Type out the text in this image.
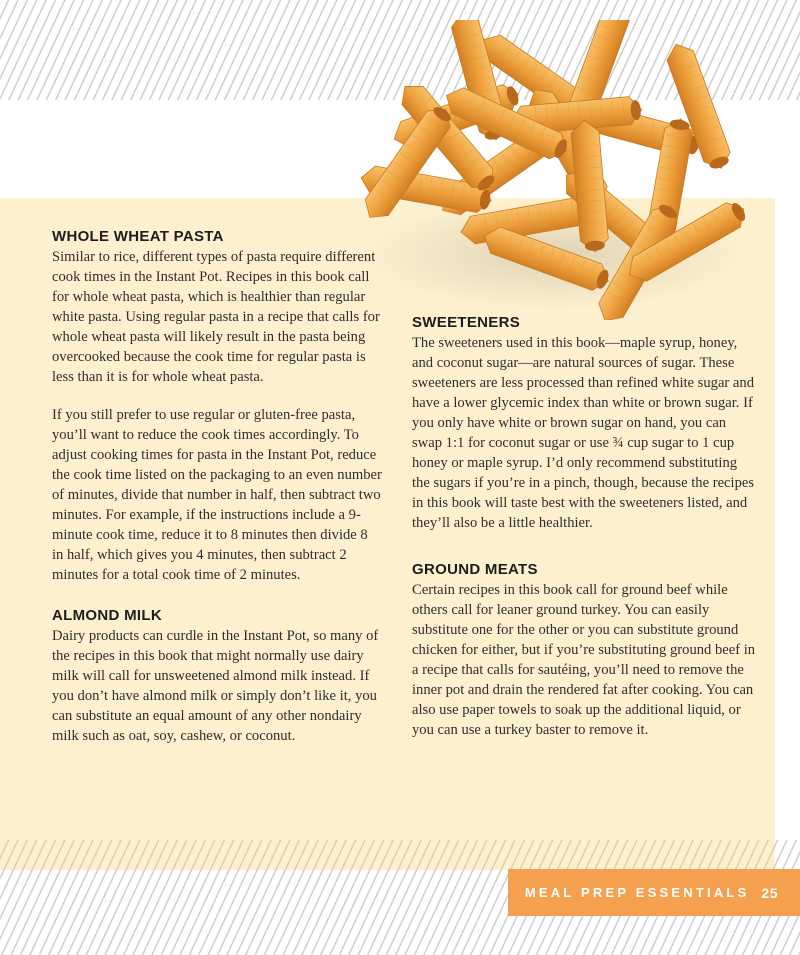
WHOLE WHEAT PASTA

Similar to rice, different types of pasta require different cook times in the Instant Pot. Recipes in this book call for whole wheat pasta, which is healthier than regular white pasta. Using regular pasta in a recipe that calls for whole wheat pasta will likely result in the pasta being overcooked because the cook time for regular pasta is less than it is for whole wheat pasta.

If you still prefer to use regular or gluten-free pasta, you’ll want to reduce the cook times accordingly. To adjust cooking times for pasta in the Instant Pot, reduce the cook time listed on the packaging to an even number of minutes, divide that number in half, then subtract two minutes. For example, if the instructions include a 9-minute cook time, reduce it to 8 minutes then divide 8 in half, which gives you 4 minutes, then subtract 2 minutes for a total cook time of 2 minutes.

ALMOND MILK

Dairy products can curdle in the Instant Pot, so many of the recipes in this book that might normally use dairy milk will call for unsweetened almond milk instead. If you don’t have almond milk or simply don’t like it, you can substitute an equal amount of any other nondairy milk such as oat, soy, cashew, or coconut.

SWEETENERS

The sweeteners used in this book—maple syrup, honey, and coconut sugar—are natural sources of sugar. These sweeteners are less processed than refined white sugar and have a lower glycemic index than white or brown sugar. If you only have white or brown sugar on hand, you can swap 1:1 for coconut sugar or use ¾ cup sugar to 1 cup honey or maple syrup. I’d only recommend substituting the sugars if you’re in a pinch, though, because the recipes in this book will taste best with the sweeteners listed, and they’ll also be a little healthier.

GROUND MEATS

Certain recipes in this book call for ground beef while others call for leaner ground turkey. You can easily substitute one for the other or you can substitute ground chicken for either, but if you’re substituting ground beef in a recipe that calls for sautéing, you’ll need to remove the inner pot and drain the rendered fat after cooking. You can also use paper towels to soak up the additional liquid, or you can use a turkey baster to remove it.

MEAL PREP ESSENTIALS 25
